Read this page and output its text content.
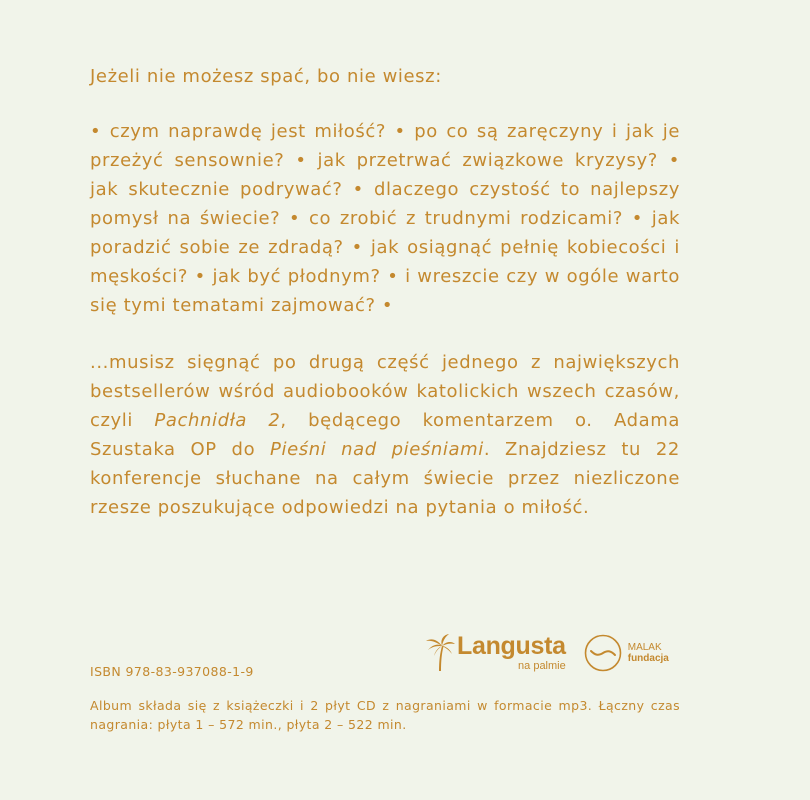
Jeżeli nie możesz spać, bo nie wiesz:

• czym naprawdę jest miłość? • po co są zaręczyny i jak je przeżyć sensownie? • jak przetrwać związkowe kryzysy? • jak skutecznie podrywać? • dlaczego czystość to najlepszy pomysł na świecie? • co zrobić z trudnymi rodzicami? • jak poradzić sobie ze zdradą? • jak osiągnąć pełnię kobiecości i męskości? • jak być płodnym? • i wreszcie czy w ogóle warto się tymi tematami zajmować? •

...musisz sięgnąć po drugą część jednego z największych bestsellerów wśród audiobooków katolickich wszech czasów, czyli Pachnidła 2, będącego komentarzem o. Adama Szustaka OP do Pieśni nad pieśniami. Znajdziesz tu 22 konferencje słuchane na całym świecie przez niezliczone rzesze poszukujące odpowiedzi na pytania o miłość.

Langusta
na palmie
MALAK
fundacja
ISBN 978-83-937088-1-9
Album składa się z książeczki i 2 płyt CD z nagraniami w formacie mp3. Łączny czas nagrania: płyta 1 – 572 min., płyta 2 – 522 min.
